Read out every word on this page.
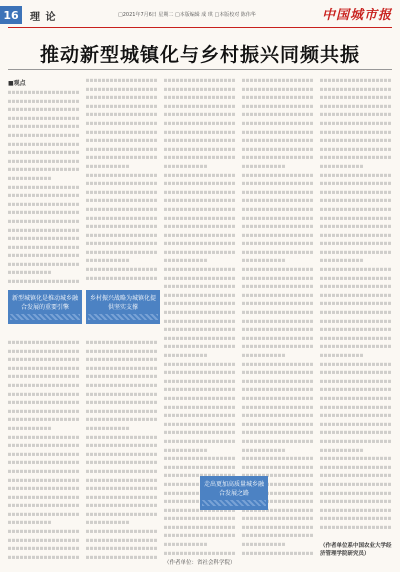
16	理 论	□2021年7月6日 星期二 □本版编辑 成 琪 □本版校对 陈伟华	中国城市报
推动新型城镇化与乡村振兴同频共振
■观点
新型城镇化是推动城乡融合发展的重要引擎
乡村振兴战略为城镇化提供坚实支撑
走出更加高质量城乡融合发展之路
（作者单位：省社会科学院）
（作者单位系中国农业大学经济管理学院研究员）
